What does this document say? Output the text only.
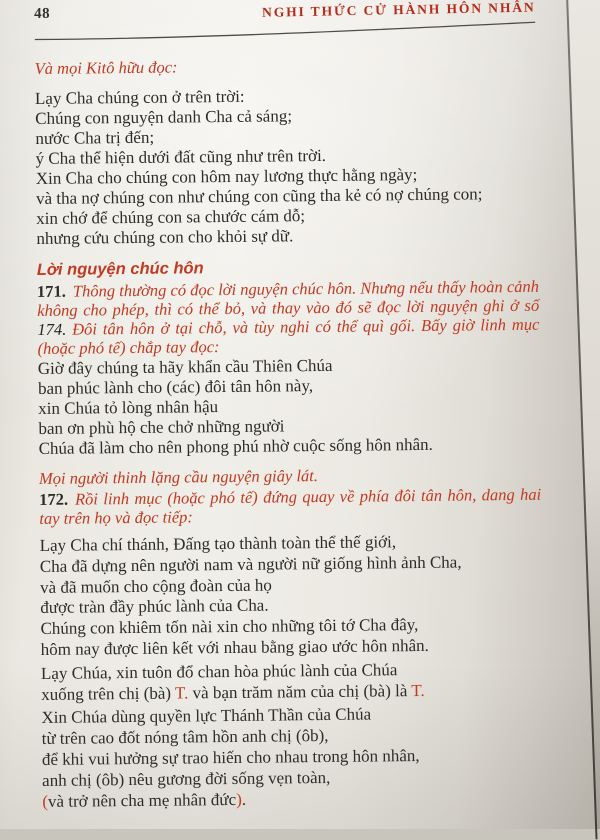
48	NGHI THỨC CỬ HÀNH HÔN NHÂN

Và mọi Kitô hữu đọc:

Lạy Cha chúng con ở trên trời:

Chúng con nguyện danh Cha cả sáng;

nước Cha trị đến;

ý Cha thể hiện dưới đất cũng như trên trời.

Xin Cha cho chúng con hôm nay lương thực hằng ngày;

và tha nợ chúng con như chúng con cũng tha kẻ có nợ chúng con;

xin chớ để chúng con sa chước cám dỗ;

nhưng cứu chúng con cho khỏi sự dữ.

Lời nguyện chúc hôn

171. Thông thường có đọc lời nguyện chúc hôn. Nhưng nếu thấy hoàn cảnh không cho phép, thì có thể bỏ, và thay vào đó sẽ đọc lời nguyện ghi ở số 174. Đôi tân hôn ở tại chỗ, và tùy nghi có thể quì gối. Bấy giờ linh mục (hoặc phó tế) chắp tay đọc:

Giờ đây chúng ta hãy khẩn cầu Thiên Chúa

ban phúc lành cho (các) đôi tân hôn này,

xin Chúa tỏ lòng nhân hậu

ban ơn phù hộ che chở những người

Chúa đã làm cho nên phong phú nhờ cuộc sống hôn nhân.

Mọi người thinh lặng cầu nguyện giây lát.

172. Rồi linh mục (hoặc phó tế) đứng quay về phía đôi tân hôn, dang hai tay trên họ và đọc tiếp:

Lạy Cha chí thánh, Đấng tạo thành toàn thể thế giới,

Cha đã dựng nên người nam và người nữ giống hình ảnh Cha,

và đã muốn cho cộng đoàn của họ

được tràn đầy phúc lành của Cha.

Chúng con khiêm tốn nài xin cho những tôi tớ Cha đây,

hôm nay được liên kết với nhau bằng giao ước hôn nhân.

Lạy Chúa, xin tuôn đổ chan hòa phúc lành của Chúa

xuống trên chị (bà) T. và bạn trăm năm của chị (bà) là T.

Xin Chúa dùng quyền lực Thánh Thần của Chúa

từ trên cao đốt nóng tâm hồn anh chị (ôb),

để khi vui hưởng sự trao hiến cho nhau trong hôn nhân,

anh chị (ôb) nêu gương đời sống vẹn toàn,

(và trở nên cha mẹ nhân đức).
